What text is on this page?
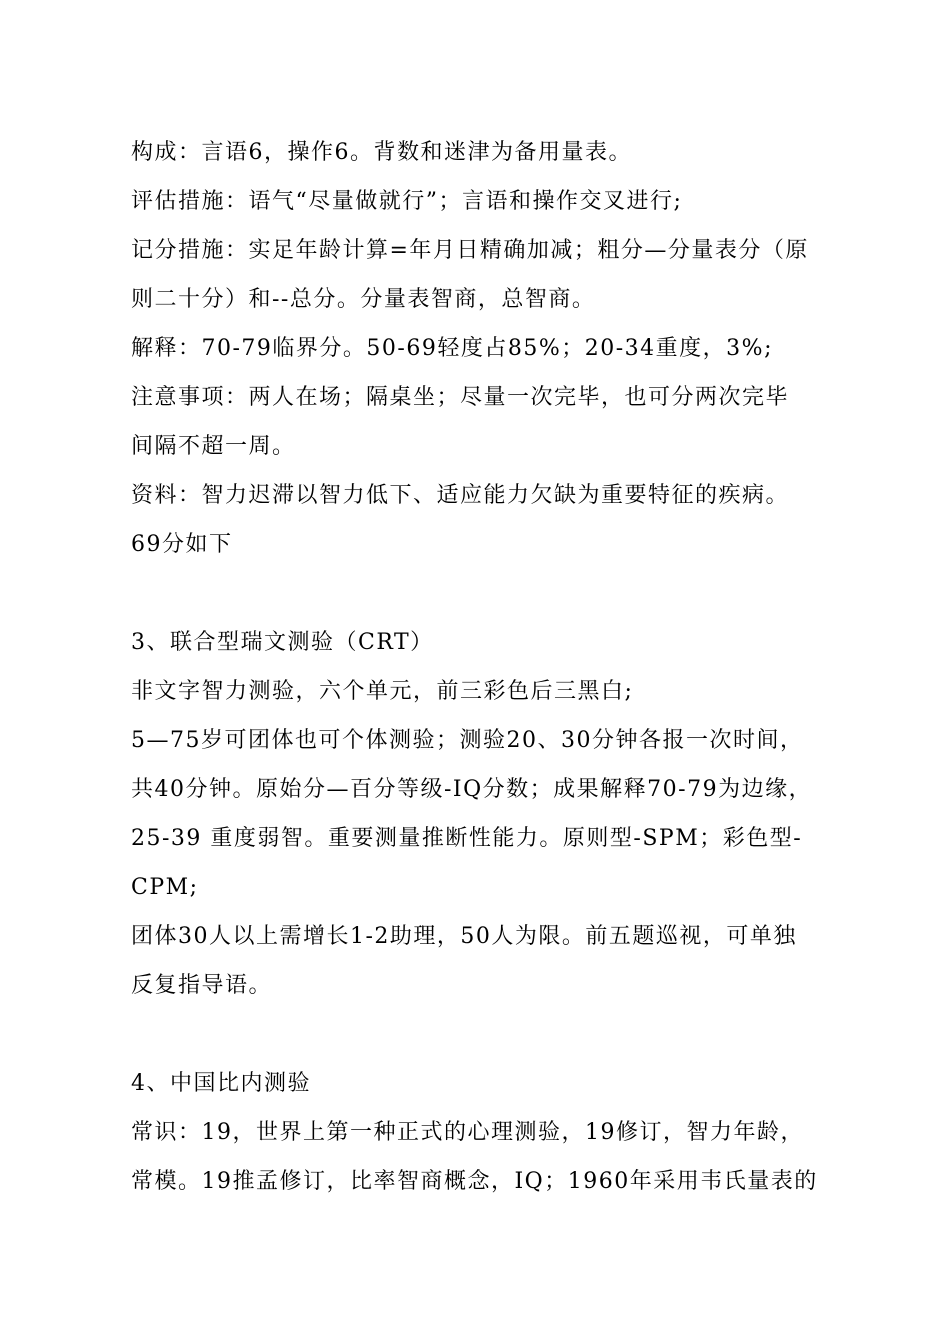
构成：言语6，操作6。背数和迷津为备用量表。
评估措施：语气“尽量做就行”；言语和操作交叉进行;
记分措施：实足年龄计算=年月日精确加减；粗分—分量表分（原
则二十分）和--总分。分量表智商，总智商。
解释：70-79临界分。50-69轻度占85%；20-34重度，3%;
注意事项：两人在场；隔桌坐；尽量一次完毕，也可分两次完毕
间隔不超一周。
资料：智力迟滞以智力低下、适应能力欠缺为重要特征的疾病。
69分如下
3、联合型瑞文测验（CRT）
非文字智力测验，六个单元，前三彩色后三黑白;
5—75岁可团体也可个体测验；测验20、30分钟各报一次时间，
共40分钟。原始分—百分等级-IQ分数；成果解释70-79为边缘，
25-39 重度弱智。重要测量推断性能力。原则型-SPM；彩色型-
CPM;
团体30人以上需增长1-2助理，50人为限。前五题巡视，可单独
反复指导语。
4、中国比内测验
常识：19，世界上第一种正式的心理测验，19修订，智力年龄，
常模。19推孟修订，比率智商概念，IQ；1960年采用韦氏量表的
